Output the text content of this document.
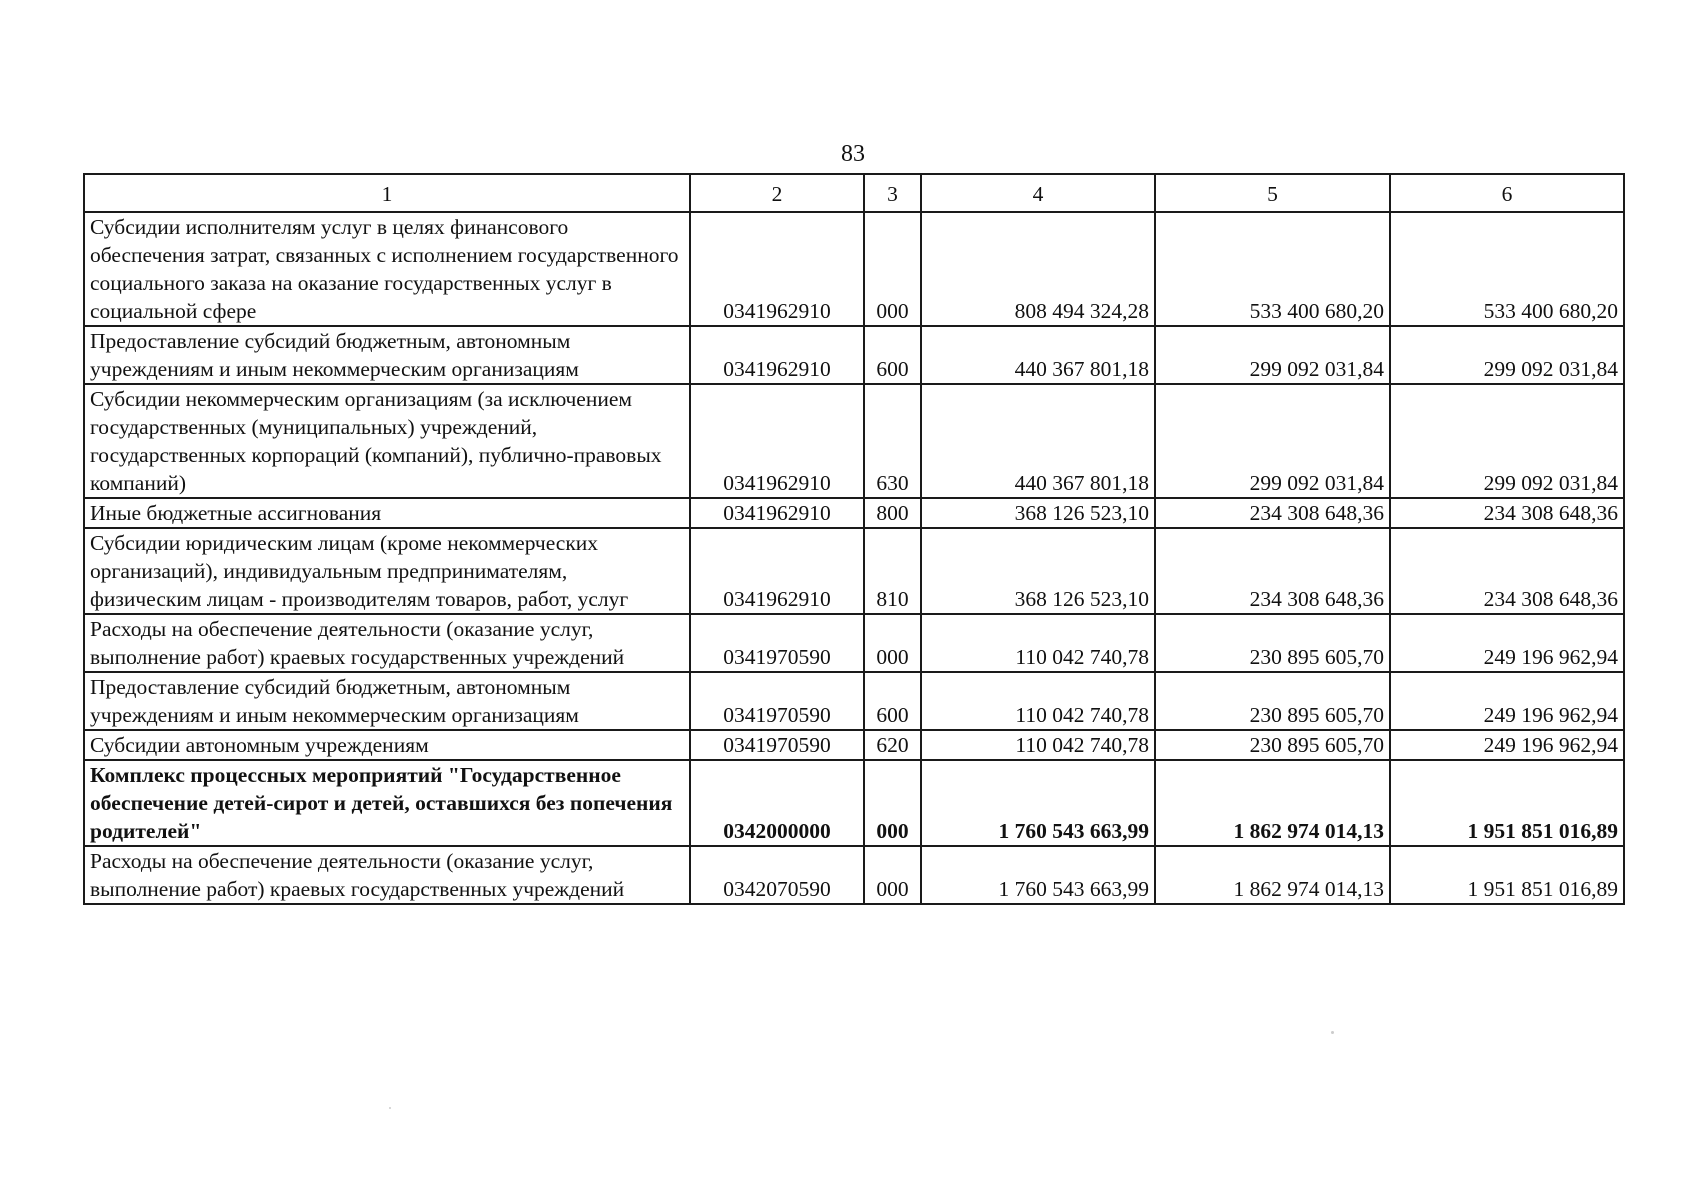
83
1	2	3	4	5	6
Субсидии исполнителям услуг в целях финансового обеспечения затрат, связанных с исполнением государственного социального заказа на оказание государственных услуг в социальной сфере	0341962910	000	808 494 324,28	533 400 680,20	533 400 680,20
Предоставление субсидий бюджетным, автономным учреждениям и иным некоммерческим организациям	0341962910	600	440 367 801,18	299 092 031,84	299 092 031,84
Субсидии некоммерческим организациям (за исключением государственных (муниципальных) учреждений, государственных корпораций (компаний), публично-правовых компаний)	0341962910	630	440 367 801,18	299 092 031,84	299 092 031,84
Иные бюджетные ассигнования	0341962910	800	368 126 523,10	234 308 648,36	234 308 648,36
Субсидии юридическим лицам (кроме некоммерческих организаций), индивидуальным предпринимателям, физическим лицам - производителям товаров, работ, услуг	0341962910	810	368 126 523,10	234 308 648,36	234 308 648,36
Расходы на обеспечение деятельности (оказание услуг, выполнение работ) краевых государственных учреждений	0341970590	000	110 042 740,78	230 895 605,70	249 196 962,94
Предоставление субсидий бюджетным, автономным учреждениям и иным некоммерческим организациям	0341970590	600	110 042 740,78	230 895 605,70	249 196 962,94
Субсидии автономным учреждениям	0341970590	620	110 042 740,78	230 895 605,70	249 196 962,94
Комплекс процессных мероприятий "Государственное обеспечение детей-сирот и детей, оставшихся без попечения родителей"	0342000000	000	1 760 543 663,99	1 862 974 014,13	1 951 851 016,89
Расходы на обеспечение деятельности (оказание услуг, выполнение работ) краевых государственных учреждений	0342070590	000	1 760 543 663,99	1 862 974 014,13	1 951 851 016,89
